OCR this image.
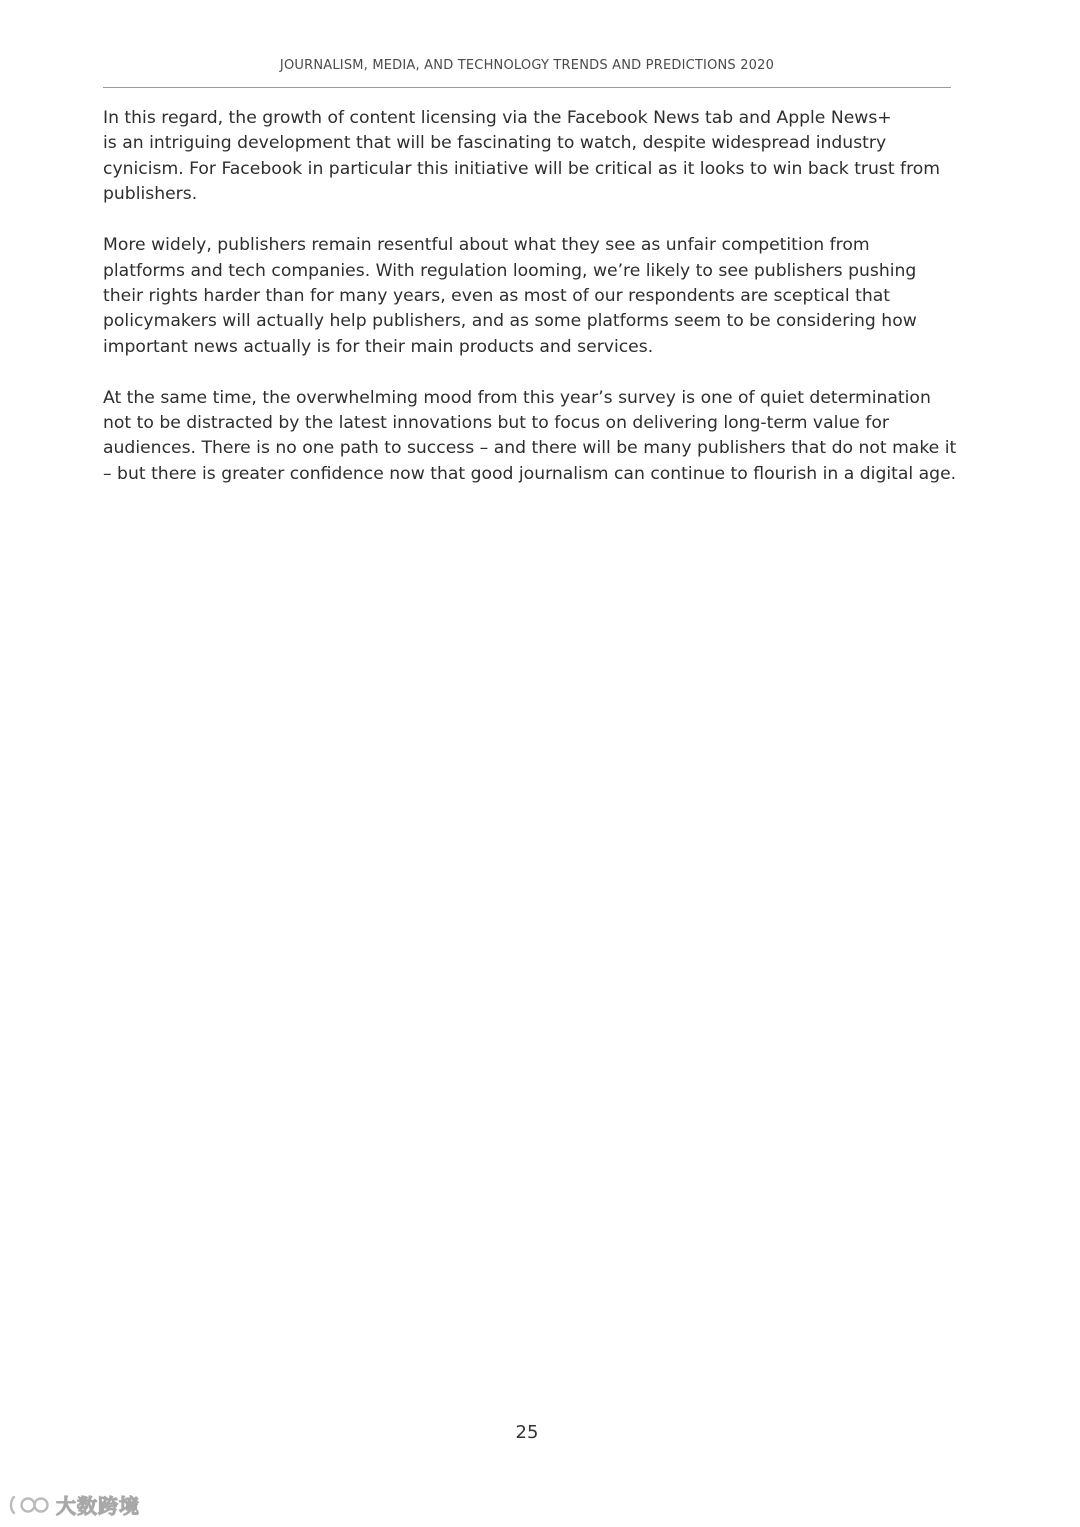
JOURNALISM, MEDIA, AND TECHNOLOGY TRENDS AND PREDICTIONS 2020

In this regard, the growth of content licensing via the Facebook News tab and Apple News+
is an intriguing development that will be fascinating to watch, despite widespread industry
cynicism. For Facebook in particular this initiative will be critical as it looks to win back trust from
publishers.

More widely, publishers remain resentful about what they see as unfair competition from
platforms and tech companies. With regulation looming, we’re likely to see publishers pushing
their rights harder than for many years, even as most of our respondents are sceptical that
policymakers will actually help publishers, and as some platforms seem to be considering how
important news actually is for their main products and services.

At the same time, the overwhelming mood from this year’s survey is one of quiet determination
not to be distracted by the latest innovations but to focus on delivering long-term value for
audiences. There is no one path to success – and there will be many publishers that do not make it
– but there is greater confidence now that good journalism can continue to flourish in a digital age.

25
大数跨境
